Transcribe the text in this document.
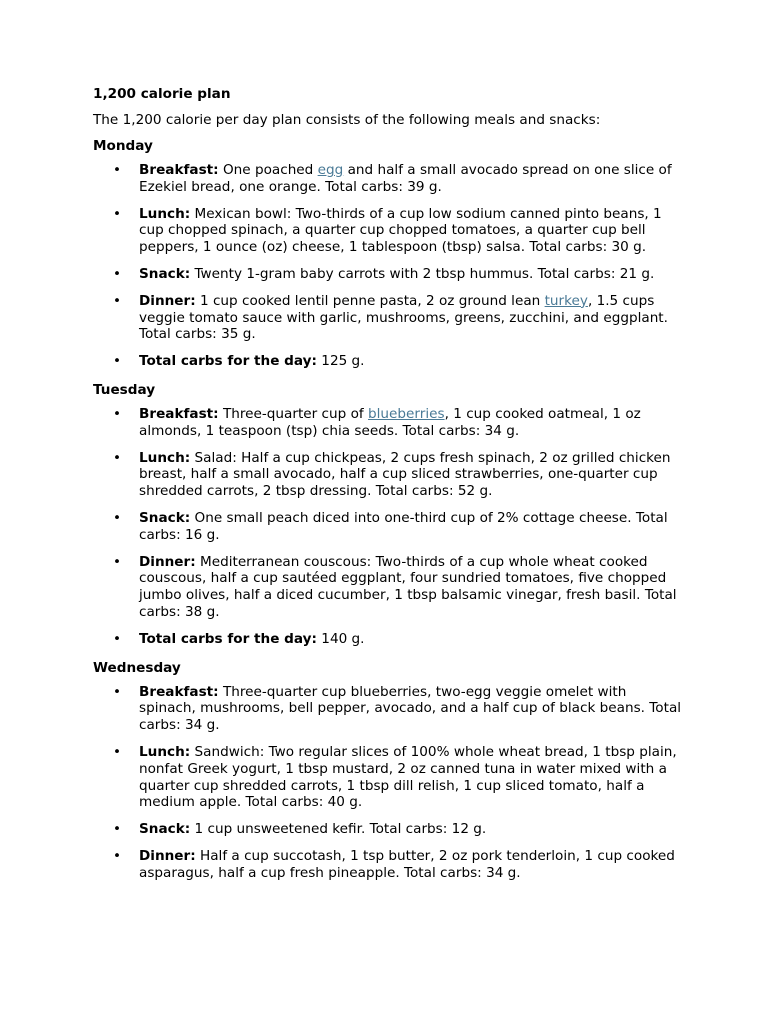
1,200 calorie plan
The 1,200 calorie per day plan consists of the following meals and snacks:
Monday
• Breakfast: One poached egg and half a small avocado spread on one slice of Ezekiel bread, one orange. Total carbs: 39 g.
• Lunch: Mexican bowl: Two-thirds of a cup low sodium canned pinto beans, 1 cup chopped spinach, a quarter cup chopped tomatoes, a quarter cup bell peppers, 1 ounce (oz) cheese, 1 tablespoon (tbsp) salsa. Total carbs: 30 g.
• Snack: Twenty 1-gram baby carrots with 2 tbsp hummus. Total carbs: 21 g.
• Dinner: 1 cup cooked lentil penne pasta, 2 oz ground lean turkey, 1.5 cups veggie tomato sauce with garlic, mushrooms, greens, zucchini, and eggplant. Total carbs: 35 g.
• Total carbs for the day: 125 g.
Tuesday
• Breakfast: Three-quarter cup of blueberries, 1 cup cooked oatmeal, 1 oz almonds, 1 teaspoon (tsp) chia seeds. Total carbs: 34 g.
• Lunch: Salad: Half a cup chickpeas, 2 cups fresh spinach, 2 oz grilled chicken breast, half a small avocado, half a cup sliced strawberries, one-quarter cup shredded carrots, 2 tbsp dressing. Total carbs: 52 g.
• Snack: One small peach diced into one-third cup of 2% cottage cheese. Total carbs: 16 g.
• Dinner: Mediterranean couscous: Two-thirds of a cup whole wheat cooked couscous, half a cup sautéed eggplant, four sundried tomatoes, five chopped jumbo olives, half a diced cucumber, 1 tbsp balsamic vinegar, fresh basil. Total carbs: 38 g.
• Total carbs for the day: 140 g.
Wednesday
• Breakfast: Three-quarter cup blueberries, two-egg veggie omelet with spinach, mushrooms, bell pepper, avocado, and a half cup of black beans. Total carbs: 34 g.
• Lunch: Sandwich: Two regular slices of 100% whole wheat bread, 1 tbsp plain, nonfat Greek yogurt, 1 tbsp mustard, 2 oz canned tuna in water mixed with a quarter cup shredded carrots, 1 tbsp dill relish, 1 cup sliced tomato, half a medium apple. Total carbs: 40 g.
• Snack: 1 cup unsweetened kefir. Total carbs: 12 g.
• Dinner: Half a cup succotash, 1 tsp butter, 2 oz pork tenderloin, 1 cup cooked asparagus, half a cup fresh pineapple. Total carbs: 34 g.
